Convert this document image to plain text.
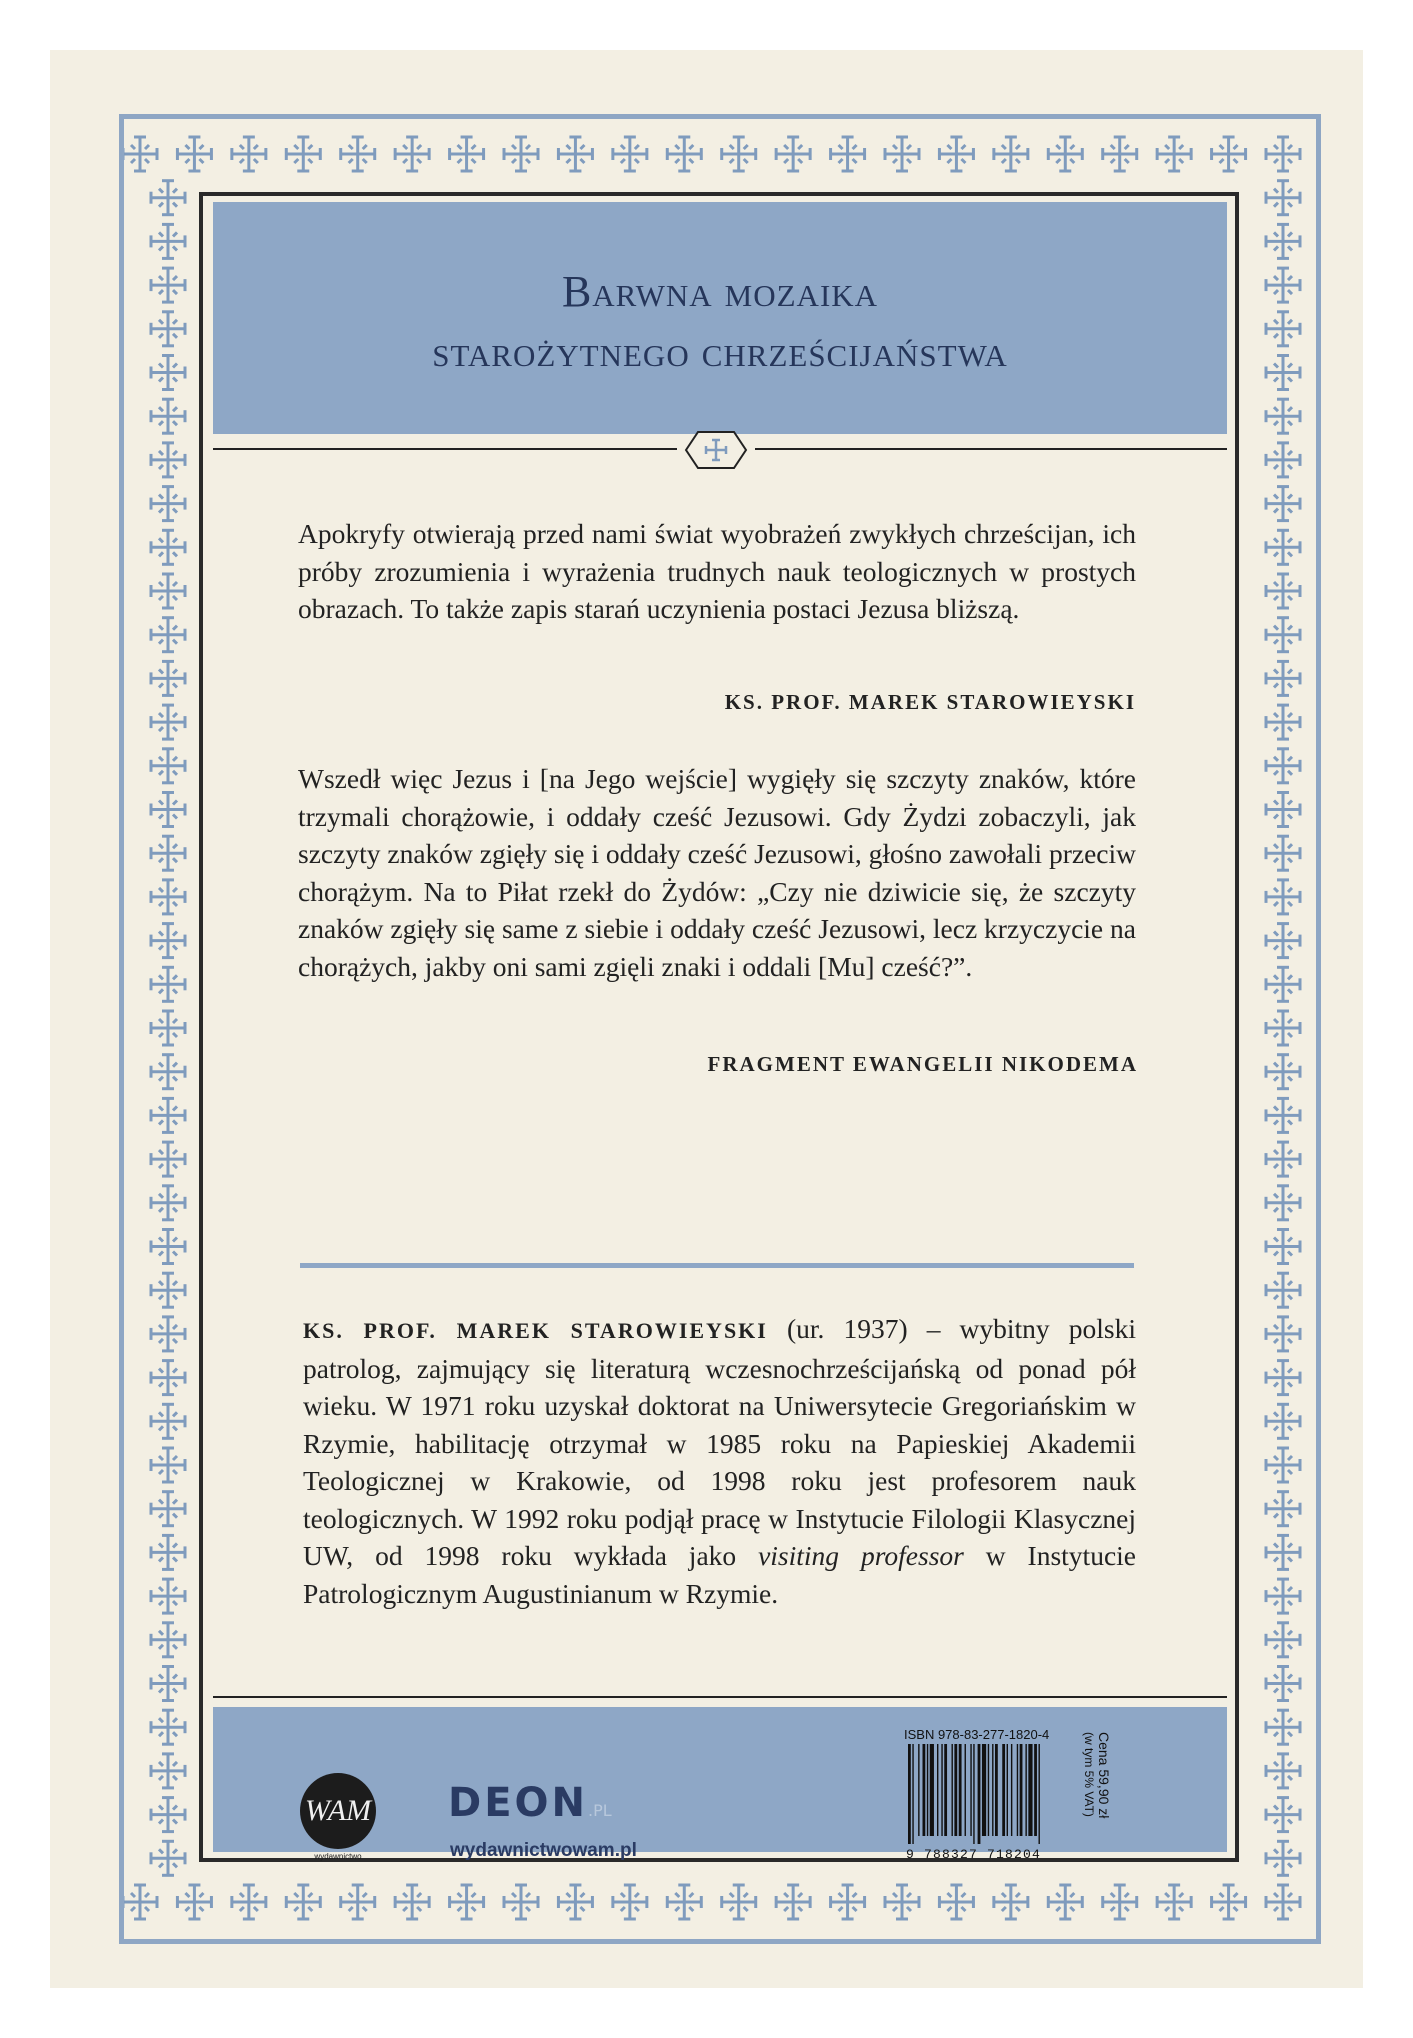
Barwna mozaika
starożytnego chrześcijaństwa
Apokryfy otwierają przed nami świat wyobrażeń zwykłych chrześcijan, ich próby zrozumienia i wyrażenia trudnych nauk teologicznych w prostych obrazach. To także zapis starań uczynienia postaci Jezusa bliższą.
KS. PROF. MAREK STAROWIEYSKI
Wszedł więc Jezus i [na Jego wejście] wygięły się szczyty znaków, które trzymali chorążowie, i oddały cześć Jezusowi. Gdy Żydzi zobaczyli, jak szczyty znaków zgięły się i oddały cześć Jezusowi, głośno zawołali przeciw chorążym. Na to Piłat rzekł do Żydów: „Czy nie dziwicie się, że szczyty znaków zgięły się same z siebie i oddały cześć Jezusowi, lecz krzyczycie na chorążych, jakby oni sami zgięli znaki i oddali [Mu] cześć?”.
FRAGMENT EWANGELII NIKODEMA
KS. PROF. MAREK STAROWIEYSKI (ur. 1937) – wybitny polski patrolog, zajmujący się literaturą wczesnochrześcijańską od ponad pół wieku. W 1971 roku uzyskał doktorat na Uniwersytecie Gregoriańskim w Rzymie, habilitację otrzymał w 1985 roku na Papieskiej Akademii Teologicznej w Krakowie, od 1998 roku jest profesorem nauk teologicznych. W 1992 roku podjął pracę w Instytucie Filologii Klasycznej UW, od 1998 roku wykłada jako visiting professor w Instytucie Patrologicznym Augustinianum w Rzymie.
WAM
wydawnictwo
DEON.PL
wydawnictwowam.pl
ISBN 978-83-277-1820-4
9 788327 718204
Cena 59,90 zł
(w tym 5% VAT)
